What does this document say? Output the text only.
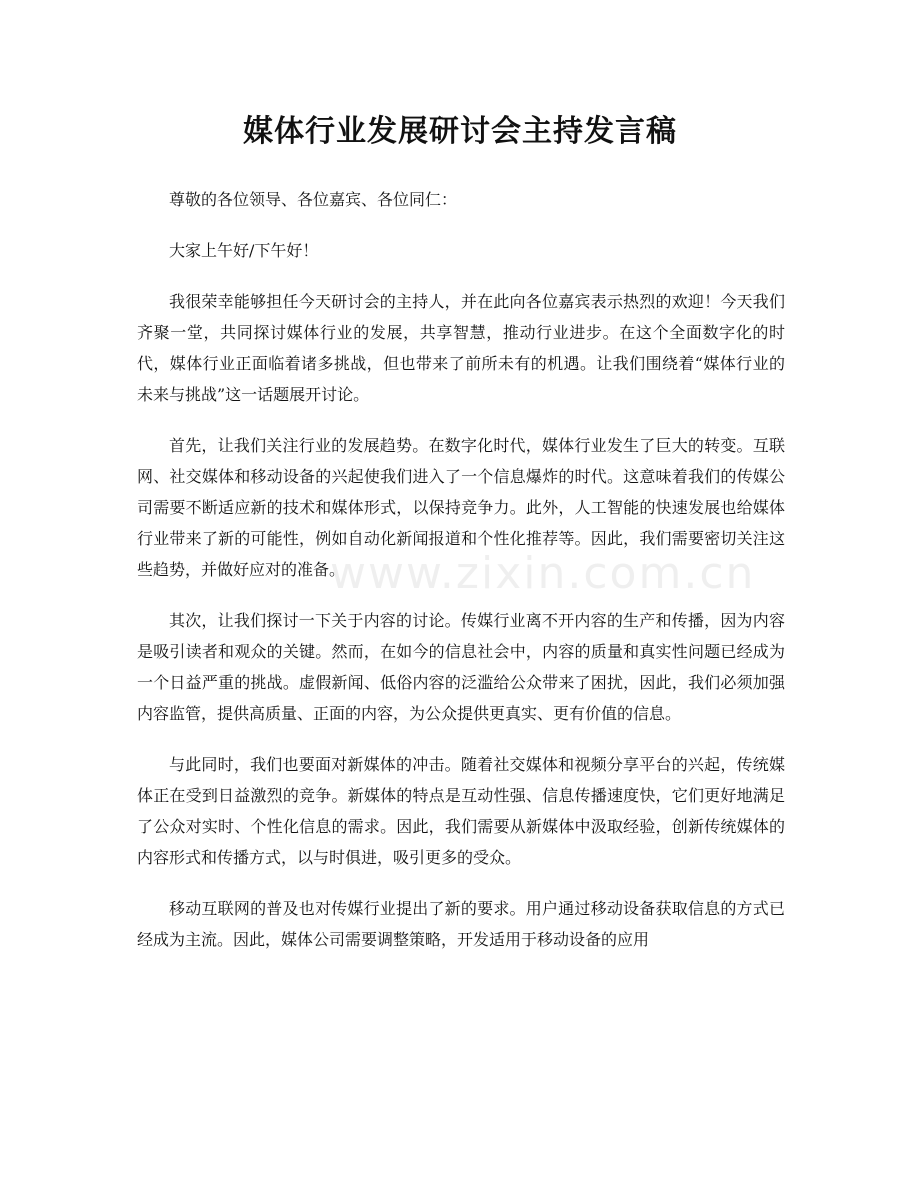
媒体行业发展研讨会主持发言稿
www.zixin.com.cn

尊敬的各位领导、各位嘉宾、各位同仁：

大家上午好/下午好！

我很荣幸能够担任今天研讨会的主持人，并在此向各位嘉宾表示热烈的欢迎！今天我们齐聚一堂，共同探讨媒体行业的发展，共享智慧，推动行业进步。在这个全面数字化的时代，媒体行业正面临着诸多挑战，但也带来了前所未有的机遇。让我们围绕着“媒体行业的未来与挑战”这一话题展开讨论。

首先，让我们关注行业的发展趋势。在数字化时代，媒体行业发生了巨大的转变。互联网、社交媒体和移动设备的兴起使我们进入了一个信息爆炸的时代。这意味着我们的传媒公司需要不断适应新的技术和媒体形式，以保持竞争力。此外，人工智能的快速发展也给媒体行业带来了新的可能性，例如自动化新闻报道和个性化推荐等。因此，我们需要密切关注这些趋势，并做好应对的准备。

其次，让我们探讨一下关于内容的讨论。传媒行业离不开内容的生产和传播，因为内容是吸引读者和观众的关键。然而，在如今的信息社会中，内容的质量和真实性问题已经成为一个日益严重的挑战。虚假新闻、低俗内容的泛滥给公众带来了困扰，因此，我们必须加强内容监管，提供高质量、正面的内容，为公众提供更真实、更有价值的信息。

与此同时，我们也要面对新媒体的冲击。随着社交媒体和视频分享平台的兴起，传统媒体正在受到日益激烈的竞争。新媒体的特点是互动性强、信息传播速度快，它们更好地满足了公众对实时、个性化信息的需求。因此，我们需要从新媒体中汲取经验，创新传统媒体的内容形式和传播方式，以与时俱进，吸引更多的受众。

移动互联网的普及也对传媒行业提出了新的要求。用户通过移动设备获取信息的方式已经成为主流。因此，媒体公司需要调整策略，开发适用于移动设备的应用
